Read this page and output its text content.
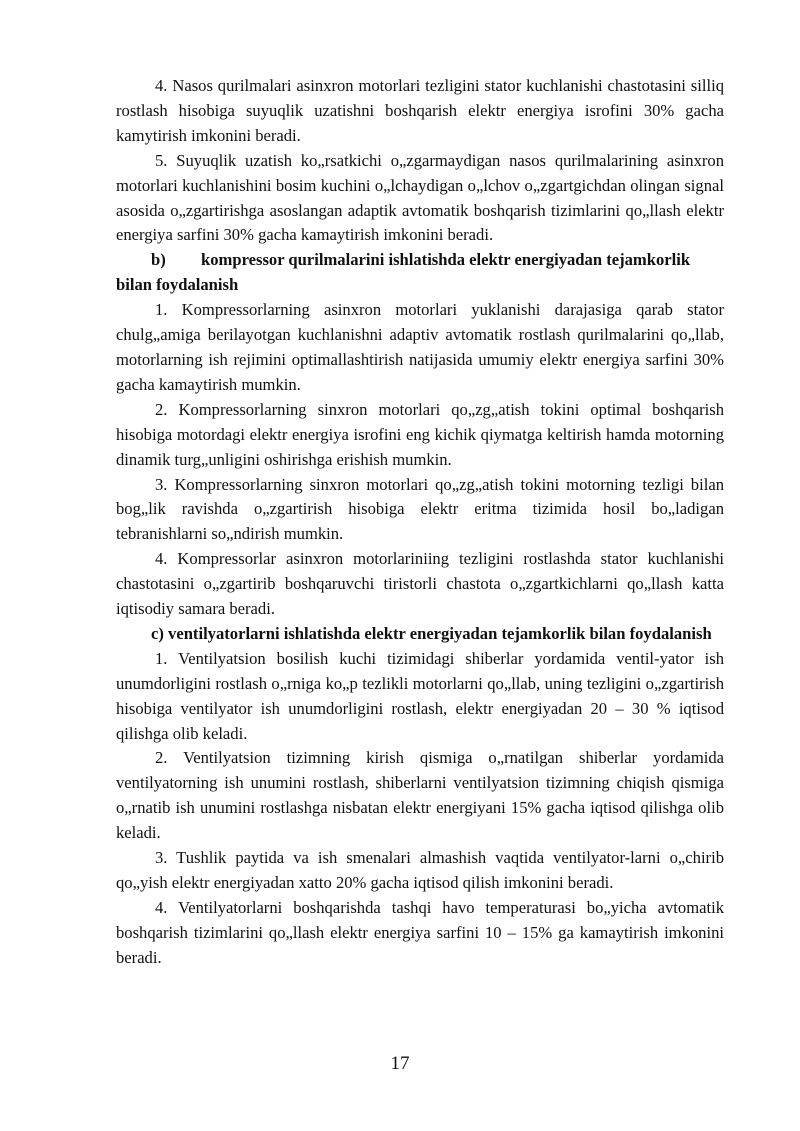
4. Nasos qurilmalari asinxron motorlari tezligini stator kuchlanishi chastotasini silliq rostlash hisobiga suyuqlik uzatishni boshqarish elektr energiya isrofini 30% gacha kamytirish imkonini beradi.

5. Suyuqlik uzatish ko„rsatkichi o„zgarmaydigan nasos qurilmalarining asinxron motorlari kuchlanishini bosim kuchini o„lchaydigan o„lchov o„zgartgichdan olingan signal asosida o„zgartirishga asoslangan adaptik avtomatik boshqarish tizimlarini qo„llash elektr energiya sarfini 30% gacha kamaytirish imkonini beradi.

b) kompressor qurilmalarini ishlatishda elektr energiyadan tejamkorlik bilan foydalanish

1. Kompressorlarning asinxron motorlari yuklanishi darajasiga qarab stator chulg„amiga berilayotgan kuchlanishni adaptiv avtomatik rostlash qurilmalarini qo„llab, motorlarning ish rejimini optimallashtirish natijasida umumiy elektr energiya sarfini 30% gacha kamaytirish mumkin.

2. Kompressorlarning sinxron motorlari qo„zg„atish tokini optimal boshqarish hisobiga motordagi elektr energiya isrofini eng kichik qiymatga keltirish hamda motorning dinamik turg„unligini oshirishga erishish mumkin.

3. Kompressorlarning sinxron motorlari qo„zg„atish tokini motorning tezligi bilan bog„lik ravishda o„zgartirish hisobiga elektr eritma tizimida hosil bo„ladigan tebranishlarni so„ndirish mumkin.

4. Kompressorlar asinxron motorlariniing tezligini rostlashda stator kuchlanishi chastotasini o„zgartirib boshqaruvchi tiristorli chastota o„zgartkichlarni qo„llash katta iqtisodiy samara beradi.

c) ventilyatorlarni ishlatishda elektr energiyadan tejamkorlik bilan foydalanish

1. Ventilyatsion bosilish kuchi tizimidagi shiberlar yordamida ventil-yator ish unumdorligini rostlash o„rniga ko„p tezlikli motorlarni qo„llab, uning tezligini o„zgartirish hisobiga ventilyator ish unumdorligini rostlash, elektr energiyadan 20 – 30 % iqtisod qilishga olib keladi.

2. Ventilyatsion tizimning kirish qismiga o„rnatilgan shiberlar yordamida ventilyatorning ish unumini rostlash, shiberlarni ventilyatsion tizimning chiqish qismiga o„rnatib ish unumini rostlashga nisbatan elektr energiyani 15% gacha iqtisod qilishga olib keladi.

3. Tushlik paytida va ish smenalari almashish vaqtida ventilyator-larni o„chirib qo„yish elektr energiyadan xatto 20% gacha iqtisod qilish imkonini beradi.

4. Ventilyatorlarni boshqarishda tashqi havo temperaturasi bo„yicha avtomatik boshqarish tizimlarini qo„llash elektr energiya sarfini 10 – 15% ga kamaytirish imkonini beradi.

17
